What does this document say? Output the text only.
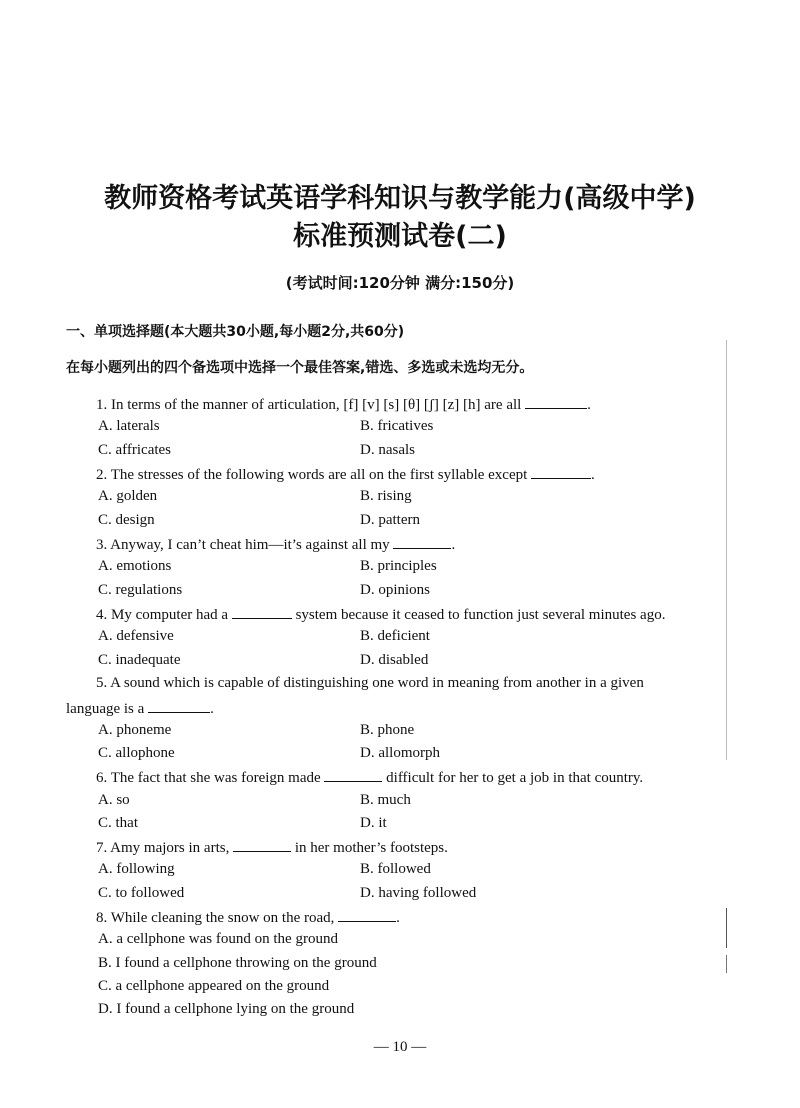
教师资格考试英语学科知识与教学能力(高级中学)
标准预测试卷(二)
(考试时间:120分钟 满分:150分)
一、单项选择题(本大题共30小题,每小题2分,共60分)
在每小题列出的四个备选项中选择一个最佳答案,错选、多选或未选均无分。
1. In terms of the manner of articulation, [f] [v] [s] [θ] [ʃ] [z] [h] are all	.
A. laterals	B. fricatives
C. affricates	D. nasals
2. The stresses of the following words are all on the first syllable except	.
A. golden	B. rising
C. design	D. pattern
3. Anyway, I can’t cheat him—it’s against all my	.
A. emotions	B. principles
C. regulations	D. opinions
4. My computer had a	system because it ceased to function just several minutes ago.
A. defensive	B. deficient
C. inadequate	D. disabled
5. A sound which is capable of distinguishing one word in meaning from another in a given
language is a	.
A. phoneme	B. phone
C. allophone	D. allomorph
6. The fact that she was foreign made	difficult for her to get a job in that country.
A. so	B. much
C. that	D. it
7. Amy majors in arts,	in her mother’s footsteps.
A. following	B. followed
C. to followed	D. having followed
8. While cleaning the snow on the road,	.
A. a cellphone was found on the ground
B. I found a cellphone throwing on the ground
C. a cellphone appeared on the ground
D. I found a cellphone lying on the ground
— 10 —
